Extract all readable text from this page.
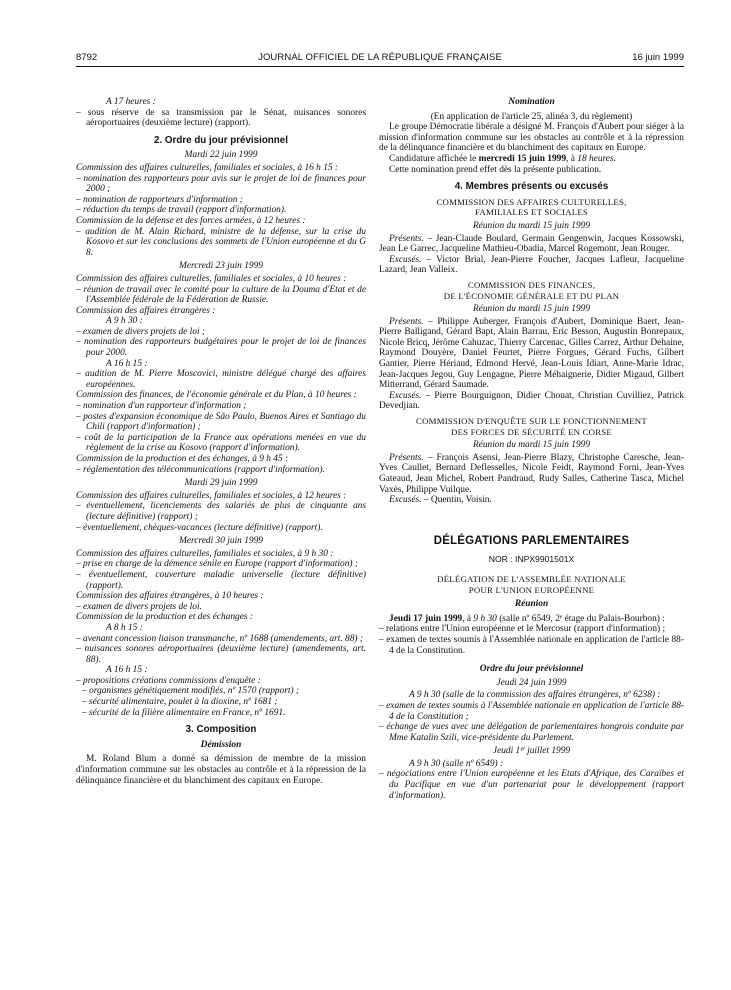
8792	JOURNAL OFFICIEL DE LA RÉPUBLIQUE FRANÇAISE	16 juin 1999

A 17 heures :

– sous réserve de sa transmission par le Sénat, nuisances sonores aéroportuaires (deuxième lecture) (rapport).

2. Ordre du jour prévisionnel

Mardi 22 juin 1999

Commission des affaires culturelles, familiales et sociales, à 16 h 15 :

– nomination des rapporteurs pour avis sur le projet de loi de finances pour 2000 ;

– nomination de rapporteurs d'information ;

– réduction du temps de travail (rapport d'information).

Commission de la défense et des forces armées, à 12 heures :

– audition de M. Alain Richard, ministre de la défense, sur la crise du Kosovo et sur les conclusions des sommets de l'Union européenne et du G 8.

Mercredi 23 juin 1999

Commission des affaires culturelles, familiales et sociales, à 10 heures :

– réunion de travail avec le comité pour la culture de la Douma d'Etat et de l'Assemblée fédérale de la Fédération de Russie.

Commission des affaires étrangères :

A 9 h 30 :

– examen de divers projets de loi ;

– nomination des rapporteurs budgétaires pour le projet de loi de finances pour 2000.

A 16 h 15 :

– audition de M. Pierre Moscovici, ministre délégué chargé des affaires européennes.

Commission des finances, de l'économie générale et du Plan, à 10 heures :

– nomination d'un rapporteur d'information ;

– postes d'expansion économique de São Paulo, Buenos Aires et Santiago du Chili (rapport d'information) ;

– coût de la participation de la France aux opérations menées en vue du règlement de la crise au Kosovo (rapport d'information).

Commission de la production et des échanges, à 9 h 45 :

– réglementation des télécommunications (rapport d'information).

Mardi 29 juin 1999

Commission des affaires culturelles, familiales et sociales, à 12 heures :

– éventuellement, licenciements des salariés de plus de cinquante ans (lecture définitive) (rapport) ;

– éventuellement, chèques-vacances (lecture définitive) (rapport).

Mercredi 30 juin 1999

Commission des affaires culturelles, familiales et sociales, à 9 h 30 :

– prise en charge de la démence sénile en Europe (rapport d'information) ;

– éventuellement, couverture maladie universelle (lecture définitive) (rapport).

Commission des affaires étrangères, à 10 heures :

– examen de divers projets de loi.

Commission de la production et des échanges :

A 8 h 15 :

– avenant concession liaison transmanche, nº 1688 (amendements, art. 88) ;

– nuisances sonores aéroportuaires (deuxième lecture) (amendements, art. 88).

A 16 h 15 :

– propositions créations commissions d'enquête :

– organismes génétiquement modifiés, nº 1570 (rapport) ;

– sécurité alimentaire, poulet à la dioxine, nº 1681 ;

– sécurité de la filière alimentaire en France, nº 1691.

3. Composition

Démission

M. Roland Blum a donné sa démission de membre de la mission d'information commune sur les obstacles au contrôle et à la répression de la délinquance financière et du blanchiment des capitaux en Europe.

Nomination

(En application de l'article 25, alinéa 3, du règlement)

Le groupe Démocratie libérale a désigné M. François d'Aubert pour siéger à la mission d'information commune sur les obstacles au contrôle et à la répression de la délinquance financière et du blanchiment des capitaux en Europe.

Candidature affichée le mercredi 15 juin 1999, à 18 heures.

Cette nomination prend effet dès la présente publication.

4. Membres présents ou excusés

COMMISSION DES AFFAIRES CULTURELLES,

FAMILIALES ET SOCIALES

Réunion du mardi 15 juin 1999

Présents. – Jean-Claude Boulard, Germain Gengenwin, Jacques Kossowski, Jean Le Garrec, Jacqueline Mathieu-Obadia, Marcel Rogemont, Jean Rouger.

Excusés. – Victor Brial, Jean-Pierre Foucher, Jacques Lafleur, Jacqueline Lazard, Jean Valleix.

COMMISSION DES FINANCES,

DE L'ÉCONOMIE GÉNÉRALE ET DU PLAN

Réunion du mardi 15 juin 1999

Présents. – Philippe Auberger, François d'Aubert, Dominique Baert, Jean-Pierre Balligand, Gérard Bapt, Alain Barrau, Eric Besson, Augustin Bonrepaux, Nicole Bricq, Jérôme Cahuzac, Thierry Carcenac, Gilles Carrez, Arthur Dehaine, Raymond Douyère, Daniel Feurtet, Pierre Forgues, Gérard Fuchs, Gilbert Gantier, Pierre Hériaud, Edmond Hervé, Jean-Louis Idiart, Anne-Marie Idrac, Jean-Jacques Jegou, Guy Lengagne, Pierre Méhaignerie, Didier Migaud, Gilbert Mitterrand, Gérard Saumade.

Excusés. – Pierre Bourguignon, Didier Chouat, Christian Cuvilliez, Patrick Devedjian.

COMMISSION D'ENQUÊTE SUR LE FONCTIONNEMENT

DES FORCES DE SÉCURITÉ EN CORSE

Réunion du mardi 15 juin 1999

Présents. – François Asensi, Jean-Pierre Blazy, Christophe Caresche, Jean-Yves Caullet, Bernard Deflesselles, Nicole Feidt, Raymond Forni, Jean-Yves Gateaud, Jean Michel, Robert Pandraud, Rudy Salles, Catherine Tasca, Michel Vaxès, Philippe Vuilque.

Excusés. – Quentin, Voisin.

DÉLÉGATIONS PARLEMENTAIRES

NOR : INPX9901501X

DÉLÉGATION DE L'ASSEMBLÉE NATIONALE

POUR L'UNION EUROPÉENNE

Réunion

Jeudi 17 juin 1999, à 9 h 30 (salle nº 6549, 2ᵉ étage du Palais-Bourbon) :

– relations entre l'Union européenne et le Mercosur (rapport d'information) ;

– examen de textes soumis à l'Assemblée nationale en application de l'article 88-4 de la Constitution.

Ordre du jour prévisionnel

Jeudi 24 juin 1999

A 9 h 30 (salle de la commission des affaires étrangères, nº 6238) :

– examen de textes soumis à l'Assemblée nationale en application de l'article 88-4 de la Constitution ;

– échange de vues avec une délégation de parlementaires hongrois conduite par Mme Katalin Szili, vice-présidente du Parlement.

Jeudi 1ᵉʳ juillet 1999

A 9 h 30 (salle nº 6549) :

– négociations entre l'Union européenne et les Etats d'Afrique, des Caraïbes et du Pacifique en vue d'un partenariat pour le développement (rapport d'information).
